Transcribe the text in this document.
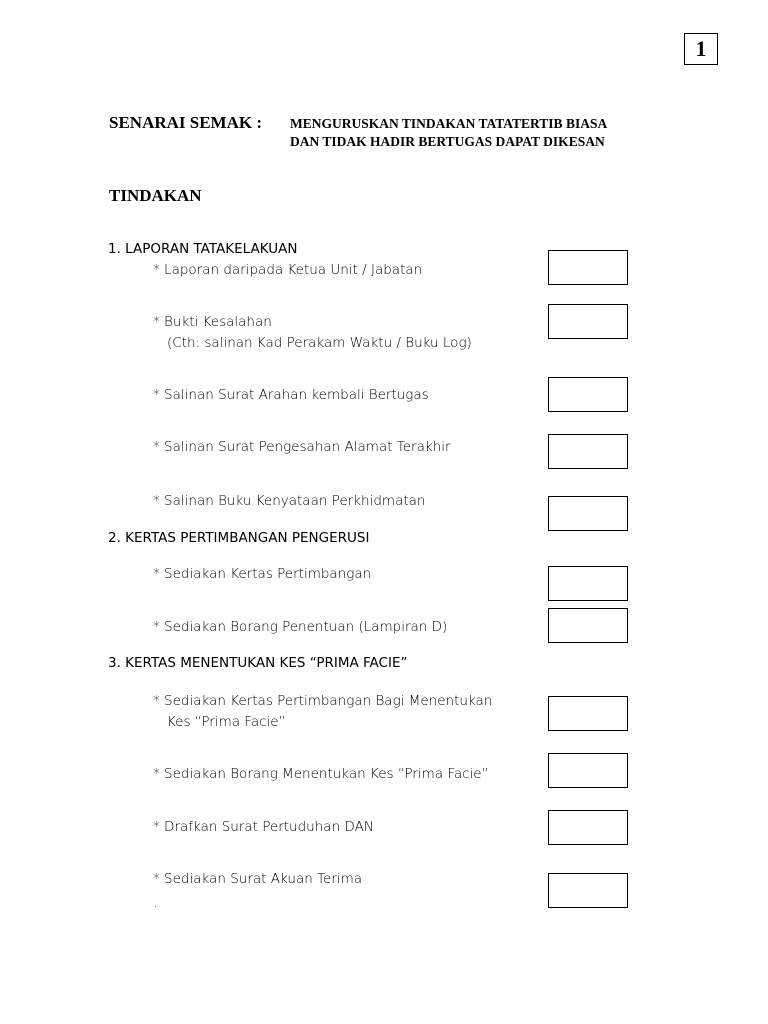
1
SENARAI SEMAK : MENGURUSKAN TINDAKAN TATATERTIB BIASA
DAN TIDAK HADIR BERTUGAS DAPAT DIKESAN
TINDAKAN
1. LAPORAN TATAKELAKUAN
* Laporan daripada Ketua Unit / Jabatan
* Bukti Kesalahan
(Cth: salinan Kad Perakam Waktu / Buku Log)
* Salinan Surat Arahan kembali Bertugas
* Salinan Surat Pengesahan Alamat Terakhir
* Salinan Buku Kenyataan Perkhidmatan
2. KERTAS PERTIMBANGAN PENGERUSI
* Sediakan Kertas Pertimbangan
* Sediakan Borang Penentuan (Lampiran D)
3. KERTAS MENENTUKAN KES “PRIMA FACIE”
* Sediakan Kertas Pertimbangan Bagi Menentukan
Kes “Prima Facie”
* Sediakan Borang Menentukan Kes “Prima Facie”
* Drafkan Surat Pertuduhan DAN
* Sediakan Surat Akuan Terima
.
